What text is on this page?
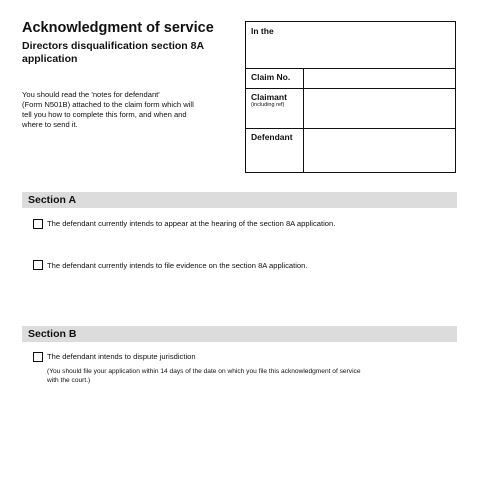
Acknowledgment of service
Directors disqualification section 8A application
You should read the 'notes for defendant'
(Form N501B) attached to the claim form which will
tell you how to complete this form, and when and
where to send it.
In the
Claim No.
Claimant
(including ref)
Defendant
Section A
The defendant currently intends to appear at the hearing of the section 8A application.
The defendant currently intends to file evidence on the section 8A application.
Section B
The defendant intends to dispute jurisdiction
(You should file your application within 14 days of the date on which you file this acknowledgment of service
with the court.)
